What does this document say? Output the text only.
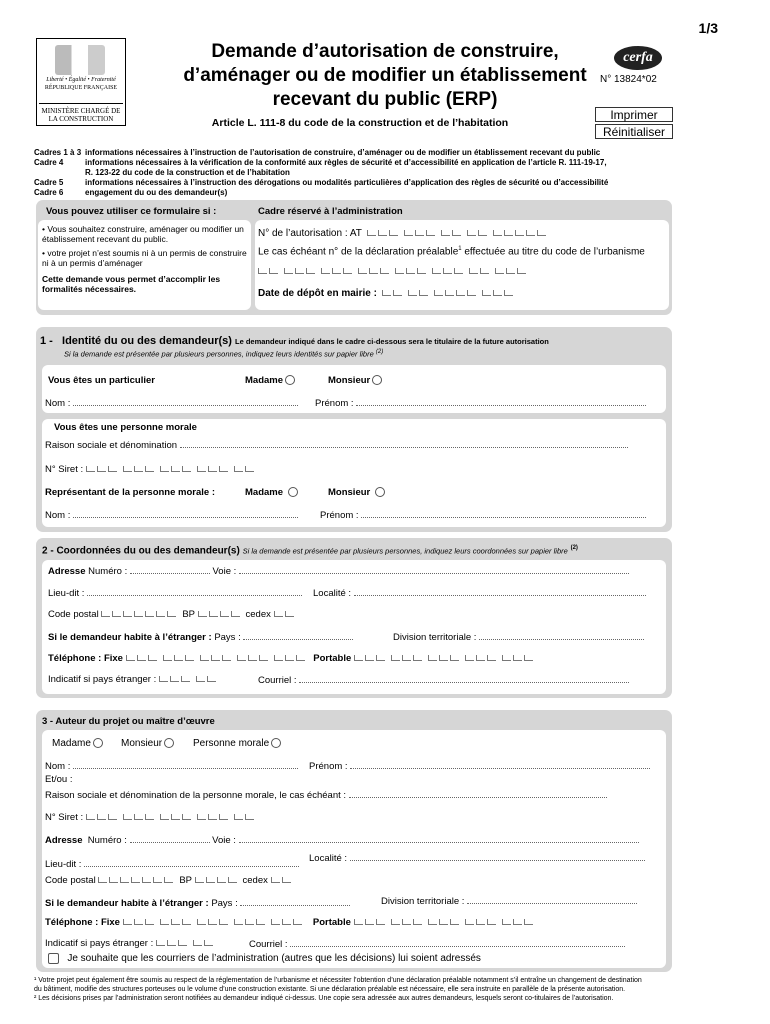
1/3
Liberté • Égalité • Fraternité
RÉPUBLIQUE FRANÇAISE
MINISTÈRE CHARGÉ DE LA CONSTRUCTION
Demande d’autorisation de construire,
d’aménager ou de modifier un établissement
recevant du public (ERP)
Article L. 111-8 du code de la construction et de l’habitation
cerfa
N° 13824*02
Imprimer
Réinitialiser
Cadres 1 à 3 informations nécessaires à l’instruction de l’autorisation de construire, d’aménager ou de modifier un établissement recevant du public
Cadre 4	informations nécessaires à la vérification de la conformité aux règles de sécurité et d’accessibilité en application de l’article R. 111-19-17,
R. 123-22 du code de la construction et de l’habitation
Cadre 5	informations nécessaires à l’instruction des dérogations ou modalités particulières d’application des règles de sécurité ou d’accessibilité
Cadre 6	engagement du ou des demandeur(s)
Vous pouvez utiliser ce formulaire si :
• Vous souhaitez construire, aménager ou modifier un établissement recevant du public.
• votre projet n’est soumis ni à un permis de construire ni à un permis d’aménager
Cette demande vous permet d’accomplir les formalités nécessaires.
Cadre réservé à l’administration
N° de l’autorisation : AT
Le cas échéant n° de la déclaration préalable$^1$ effectuée au titre du code de l’urbanisme
Date de dépôt en mairie :
1 - Identité du ou des demandeur(s) Le demandeur indiqué dans le cadre ci-dessous sera le titulaire de la future autorisation
Si la demande est présentée par plusieurs personnes, indiquez leurs identités sur papier libre $^{(2)}$
Vous êtes un particulier	Madame	Monsieur
Nom :	Prénom :
Vous êtes une personne morale
Raison sociale et dénomination
N° Siret :
Représentant de la personne morale :	Madame	Monsieur
Nom :	Prénom :
2 - Coordonnées du ou des demandeur(s) Si la demande est présentée par plusieurs personnes, indiquez leurs coordonnées sur papier libre $^{(2)}$
Adresse Numéro :	Voie :
Lieu-dit :	Localité :
Code postal	BP	cedex
Si le demandeur habite à l’étranger : Pays :	Division territoriale :
Téléphone : Fixe	Portable
Indicatif si pays étranger :	Courriel :
3 - Auteur du projet ou maître d’œuvre
Madame	Monsieur	Personne morale
Nom :	Prénom :
Et/ou :
Raison sociale et dénomination de la personne morale, le cas échéant :
N° Siret :
Adresse Numéro :	Voie :
Lieu-dit :
Localité :
Code postal	BP	cedex
Si le demandeur habite à l’étranger : Pays :	Division territoriale :
Téléphone : Fixe	Portable
Indicatif si pays étranger :	Courriel :
Je souhaite que les courriers de l’administration (autres que les décisions) lui soient adressés
¹ Votre projet peut également être soumis au respect de la réglementation de l’urbanisme et nécessiter l’obtention d’une déclaration préalable notamment s’il entraîne un changement de destination
du bâtiment, modifie des structures porteuses ou le volume d’une construction existante. Si une déclaration préalable est nécessaire, elle sera instruite en parallèle de la présente autorisation.
² Les décisions prises par l’administration seront notifiées au demandeur indiqué ci-dessus. Une copie sera adressée aux autres demandeurs, lesquels seront co-titulaires de l’autorisation.
